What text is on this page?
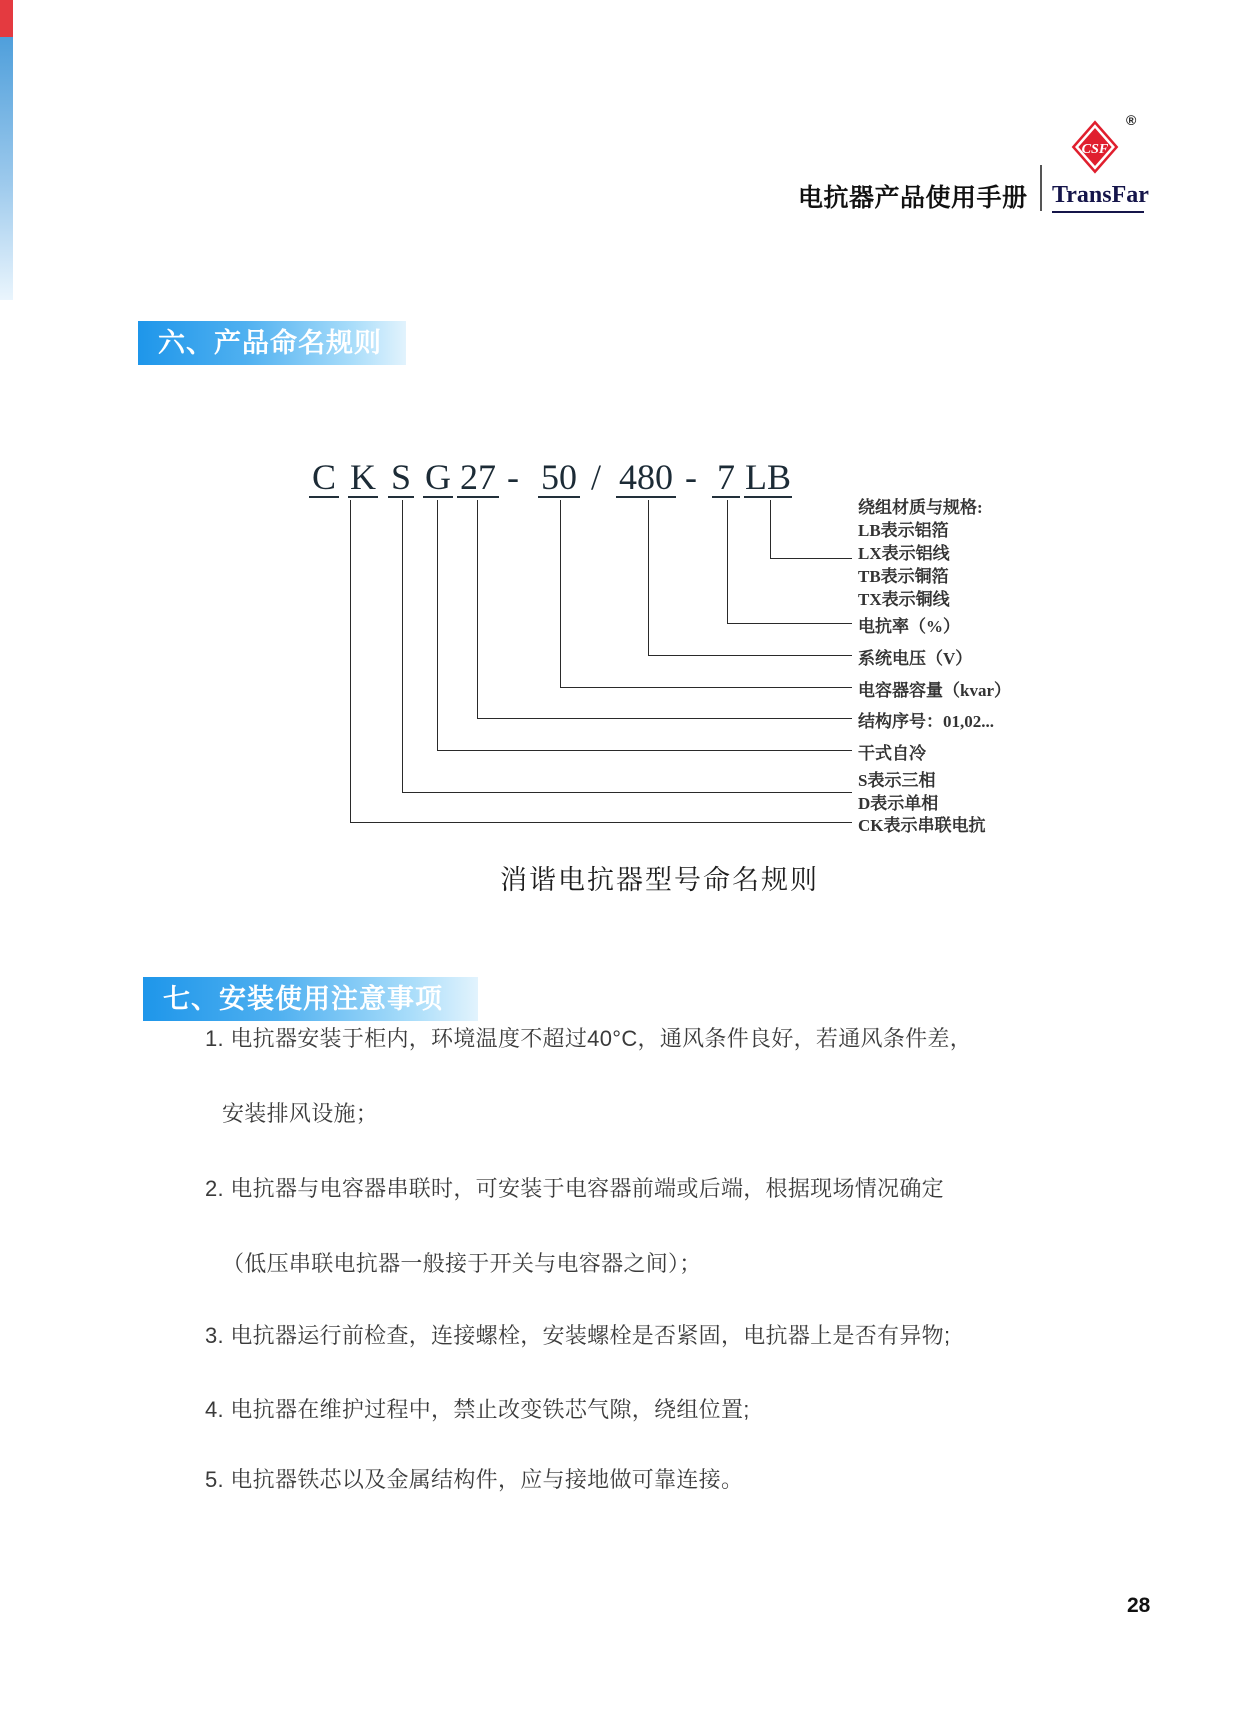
电抗器产品使用手册
CSF
®
TransFar
六、产品命名规则
C K S G 27 - 50 / 480 - 7 LB
绕组材质与规格:
LB表示铝箔
LX表示铝线
TB表示铜箔
TX表示铜线
电抗率（%）
系统电压（V）
电容器容量（kvar）
结构序号：01,02...
干式自冷
S表示三相
D表示单相
CK表示串联电抗
消谐电抗器型号命名规则
七、安装使用注意事项
1. 电抗器安装于柜内，环境温度不超过40°C，通风条件良好，若通风条件差，
安装排风设施；
2. 电抗器与电容器串联时，可安装于电容器前端或后端，根据现场情况确定
（低压串联电抗器一般接于开关与电容器之间）；
3. 电抗器运行前检查，连接螺栓，安装螺栓是否紧固，电抗器上是否有异物;
4. 电抗器在维护过程中，禁止改变铁芯气隙，绕组位置;
5. 电抗器铁芯以及金属结构件，应与接地做可靠连接。
28
